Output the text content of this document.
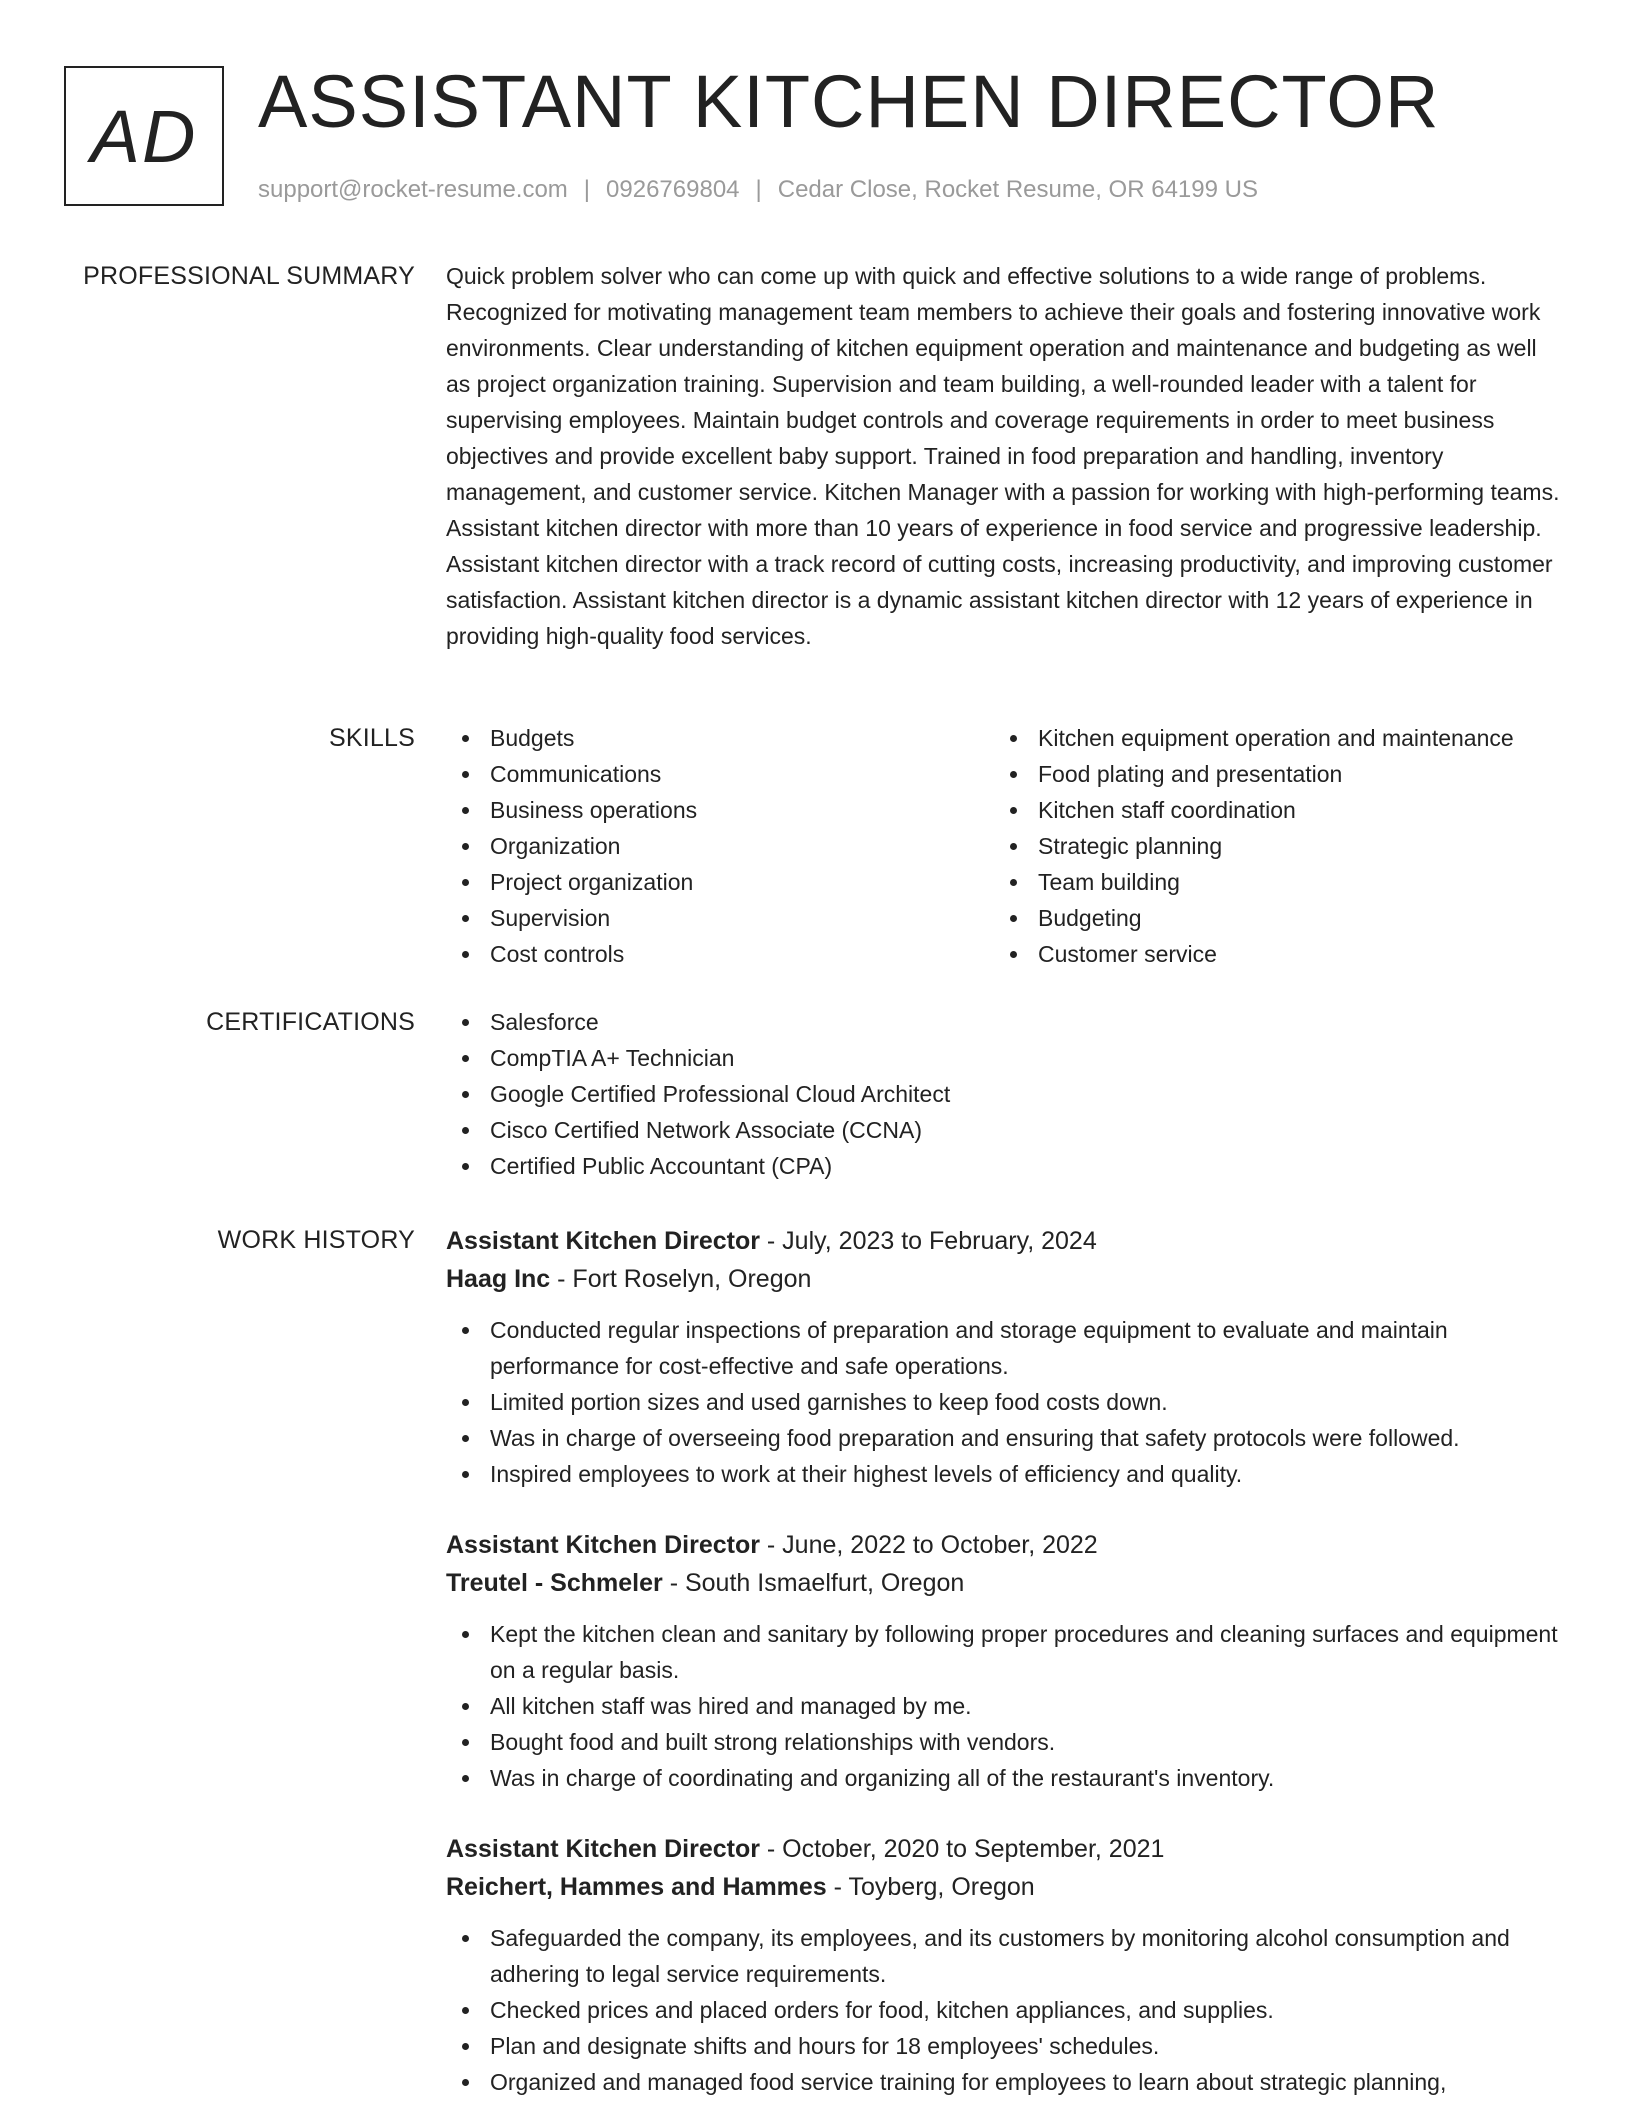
AD ASSISTANT KITCHEN DIRECTOR
support@rocket-resume.com | 0926769804 | Cedar Close, Rocket Resume, OR 64199 US
PROFESSIONAL SUMMARY Quick problem solver who can come up with quick and effective solutions to a wide range of problems. Recognized for motivating management team members to achieve their goals and fostering innovative work environments. Clear understanding of kitchen equipment operation and maintenance and budgeting as well as project organization training. Supervision and team building, a well-rounded leader with a talent for supervising employees. Maintain budget controls and coverage requirements in order to meet business objectives and provide excellent baby support. Trained in food preparation and handling, inventory management, and customer service. Kitchen Manager with a passion for working with high-performing teams. Assistant kitchen director with more than 10 years of experience in food service and progressive leadership. Assistant kitchen director with a track record of cutting costs, increasing productivity, and improving customer satisfaction. Assistant kitchen director is a dynamic assistant kitchen director with 12 years of experience in providing high-quality food services.

SKILLS	Budgets
Communications
Business operations
Organization
Project organization
Supervision
Cost controls
Kitchen equipment operation and maintenance
Food plating and presentation
Kitchen staff coordination
Strategic planning
Team building
Budgeting
Customer service
CERTIFICATIONS	Salesforce
CompTIA A+ Technician
Google Certified Professional Cloud Architect
Cisco Certified Network Associate (CCNA)
Certified Public Accountant (CPA)
WORK HISTORY Assistant Kitchen Director - July, 2023 to February, 2024
Haag Inc - Fort Roselyn, Oregon
Conducted regular inspections of preparation and storage equipment to evaluate and maintain performance for cost-effective and safe operations.
Limited portion sizes and used garnishes to keep food costs down.
Was in charge of overseeing food preparation and ensuring that safety protocols were followed.
Inspired employees to work at their highest levels of efficiency and quality.
Assistant Kitchen Director - June, 2022 to October, 2022
Treutel - Schmeler - South Ismaelfurt, Oregon
Kept the kitchen clean and sanitary by following proper procedures and cleaning surfaces and equipment on a regular basis.
All kitchen staff was hired and managed by me.
Bought food and built strong relationships with vendors.
Was in charge of coordinating and organizing all of the restaurant's inventory.
Assistant Kitchen Director - October, 2020 to September, 2021
Reichert, Hammes and Hammes - Toyberg, Oregon
Safeguarded the company, its employees, and its customers by monitoring alcohol consumption and adhering to legal service requirements.
Checked prices and placed orders for food, kitchen appliances, and supplies.
Plan and designate shifts and hours for 18 employees' schedules.
Organized and managed food service training for employees to learn about strategic planning,
